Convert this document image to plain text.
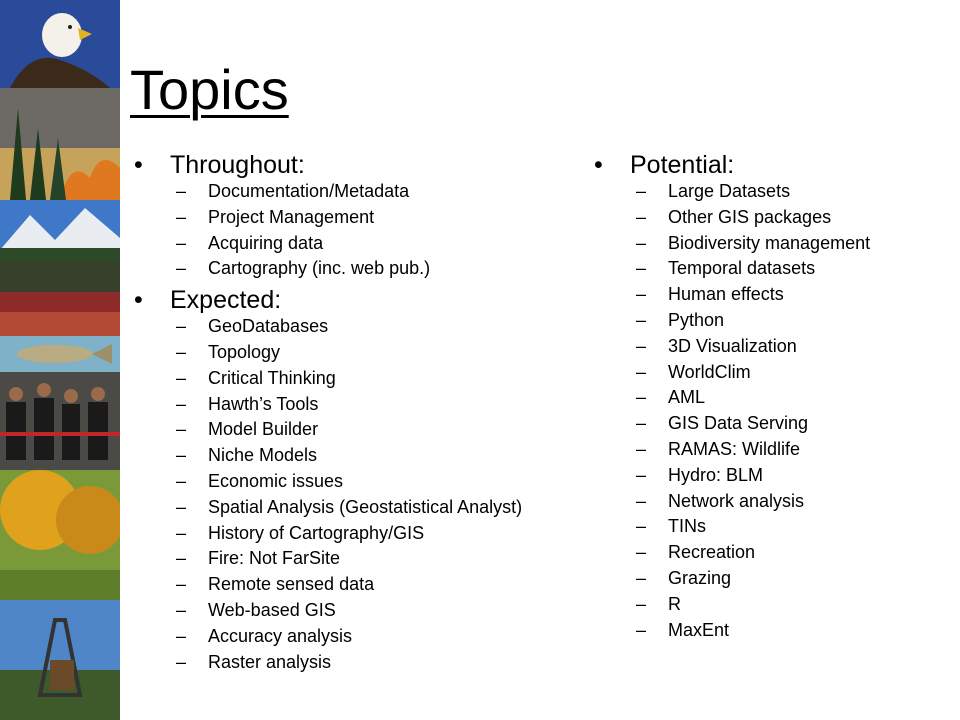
Topics
•	Throughout:
–	Documentation/Metadata
–	Project Management
–	Acquiring data
–	Cartography (inc. web pub.)
•	Expected:
–	GeoDatabases
–	Topology
–	Critical Thinking
–	Hawth’s Tools
–	Model Builder
–	Niche Models
–	Economic issues
–	Spatial Analysis (Geostatistical Analyst)
–	History of Cartography/GIS
–	Fire: Not FarSite
–	Remote sensed data
–	Web-based GIS
–	Accuracy analysis
–	Raster analysis
•	Potential:
–	Large Datasets
–	Other GIS packages
–	Biodiversity management
–	Temporal datasets
–	Human effects
–	Python
–	3D Visualization
–	WorldClim
–	AML
–	GIS Data Serving
–	RAMAS: Wildlife
–	Hydro: BLM
–	Network analysis
–	TINs
–	Recreation
–	Grazing
–	R
–	MaxEnt
